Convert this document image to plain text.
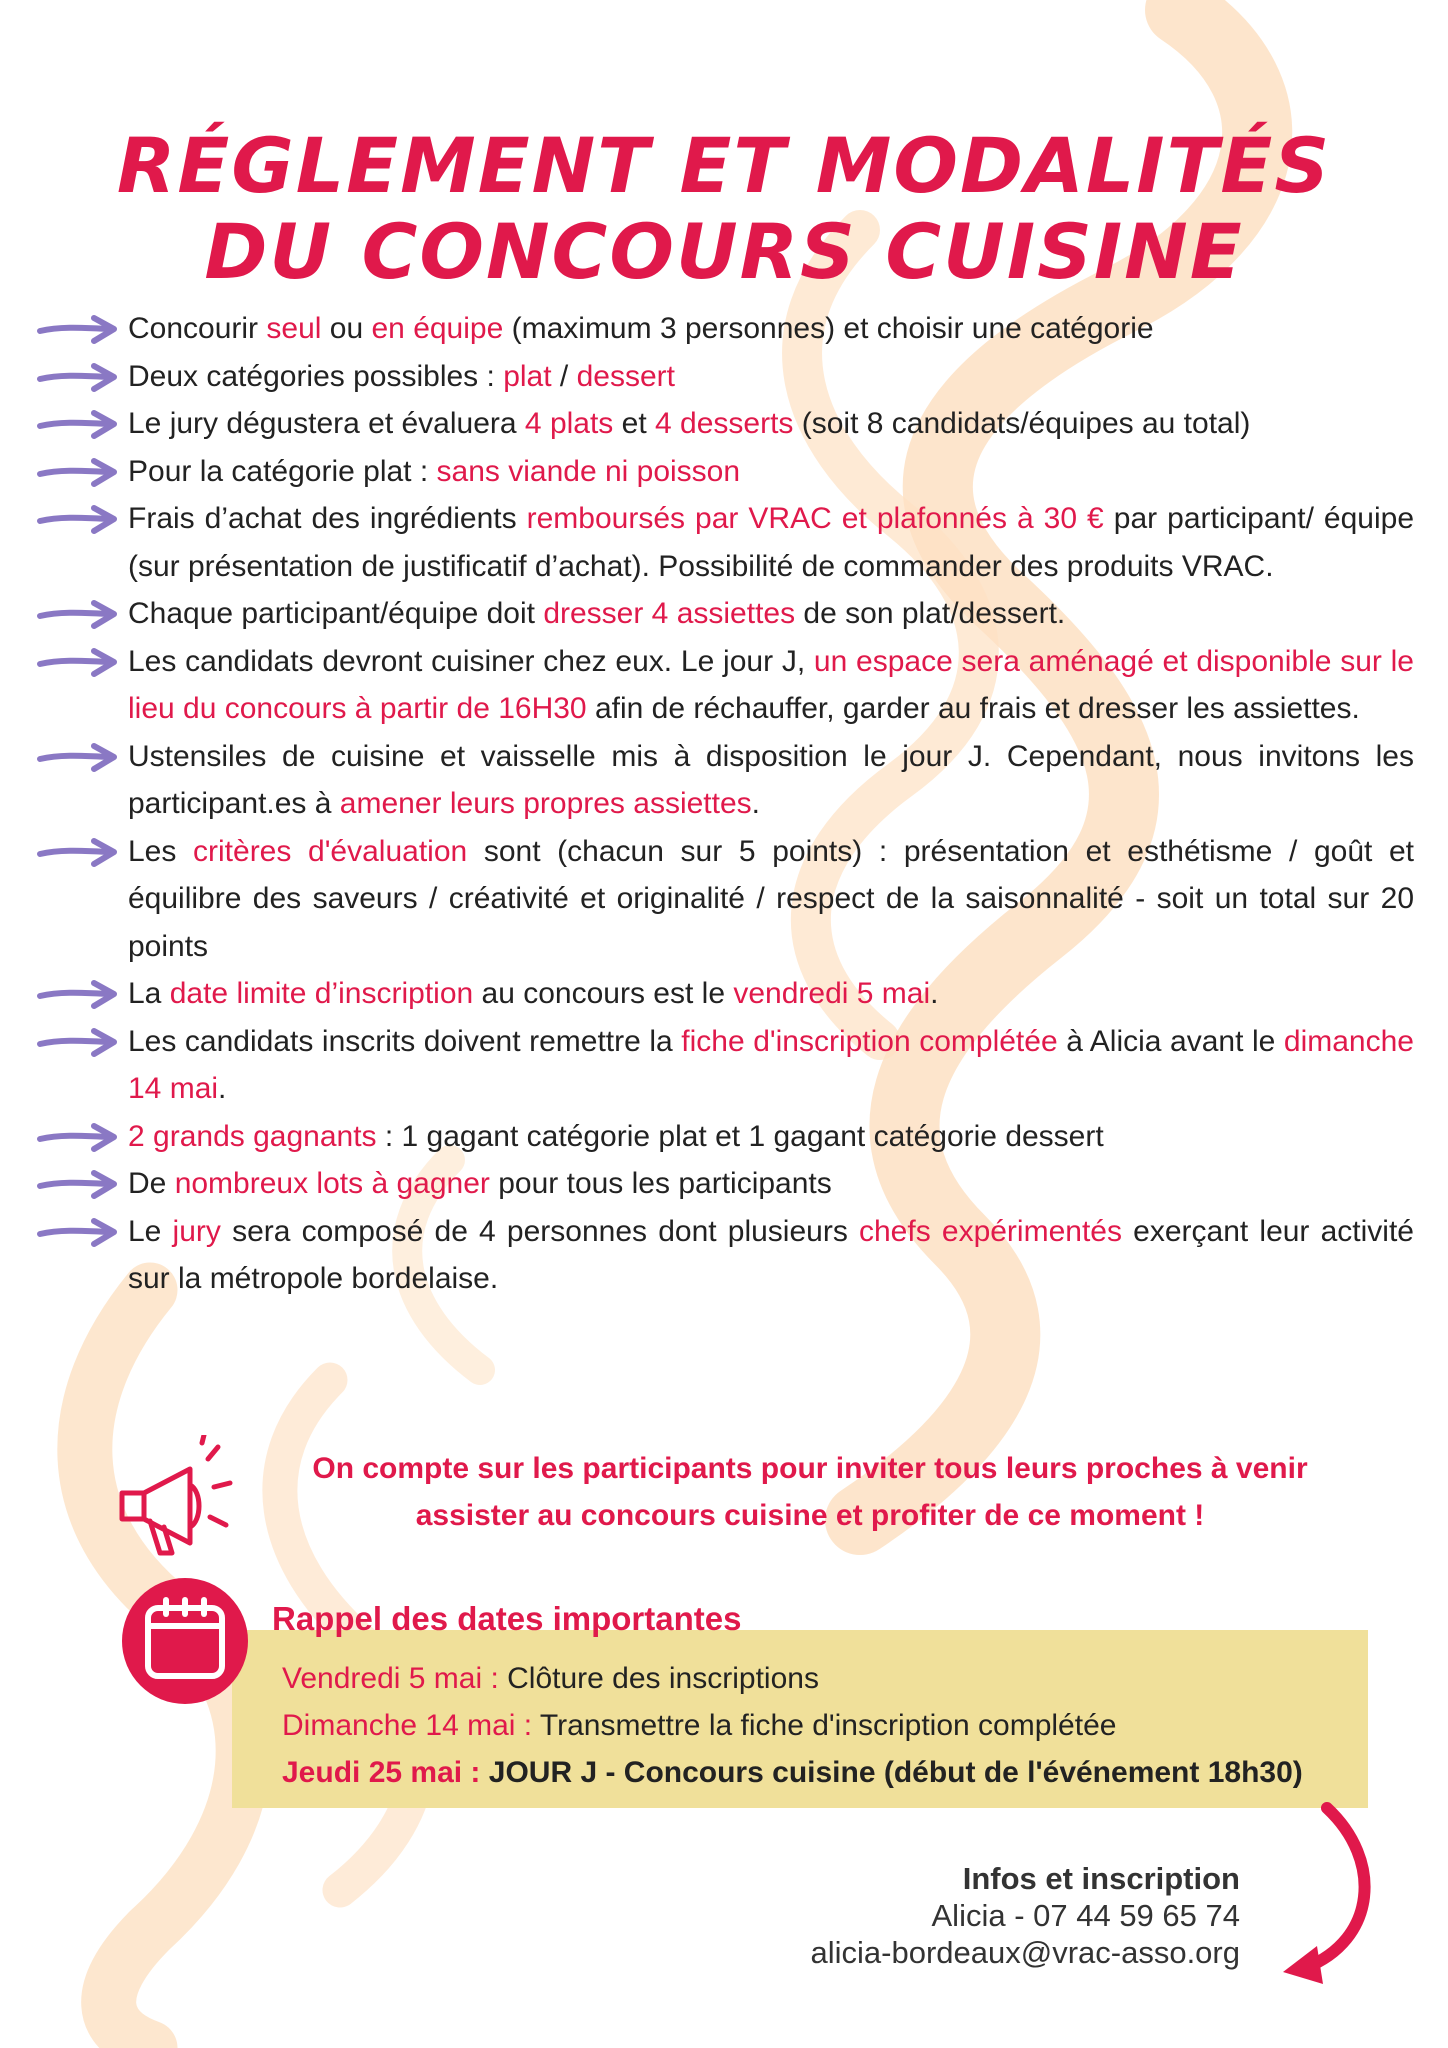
RÉGLEMENT ET MODALITÉS
DU CONCOURS CUISINE
Concourir seul ou en équipe (maximum 3 personnes) et choisir une catégorie
Deux catégories possibles : plat / dessert
Le jury dégustera et évaluera 4 plats et 4 desserts (soit 8 candidats/équipes au total)
Pour la catégorie plat : sans viande ni poisson
Frais d’achat des ingrédients remboursés par VRAC et plafonnés à 30 € par participant/ équipe (sur présentation de justificatif d’achat). Possibilité de commander des produits VRAC.
Chaque participant/équipe doit dresser 4 assiettes de son plat/dessert.
Les candidats devront cuisiner chez eux. Le jour J, un espace sera aménagé et disponible sur le lieu du concours à partir de 16H30 afin de réchauffer, garder au frais et dresser les assiettes.
Ustensiles de cuisine et vaisselle mis à disposition le jour J. Cependant, nous invitons les participant.es à amener leurs propres assiettes.
Les critères d'évaluation sont (chacun sur 5 points) : présentation et esthétisme / goût et équilibre des saveurs / créativité et originalité / respect de la saisonnalité - soit un total sur 20 points
La date limite d’inscription au concours est le vendredi 5 mai.
Les candidats inscrits doivent remettre la fiche d'inscription complétée à Alicia avant le dimanche 14 mai.
2 grands gagnants : 1 gagant catégorie plat et 1 gagant catégorie dessert
De nombreux lots à gagner pour tous les participants
Le jury sera composé de 4 personnes dont plusieurs chefs expérimentés exerçant leur activité sur la métropole bordelaise.
On compte sur les participants pour inviter tous leurs proches à venir
assister au concours cuisine et profiter de ce moment !
Rappel des dates importantes
Vendredi 5 mai : Clôture des inscriptions
Dimanche 14 mai : Transmettre la fiche d'inscription complétée
Jeudi 25 mai : JOUR J - Concours cuisine (début de l'événement 18h30)
Infos et inscription
Alicia - 07 44 59 65 74
alicia-bordeaux@vrac-asso.org
